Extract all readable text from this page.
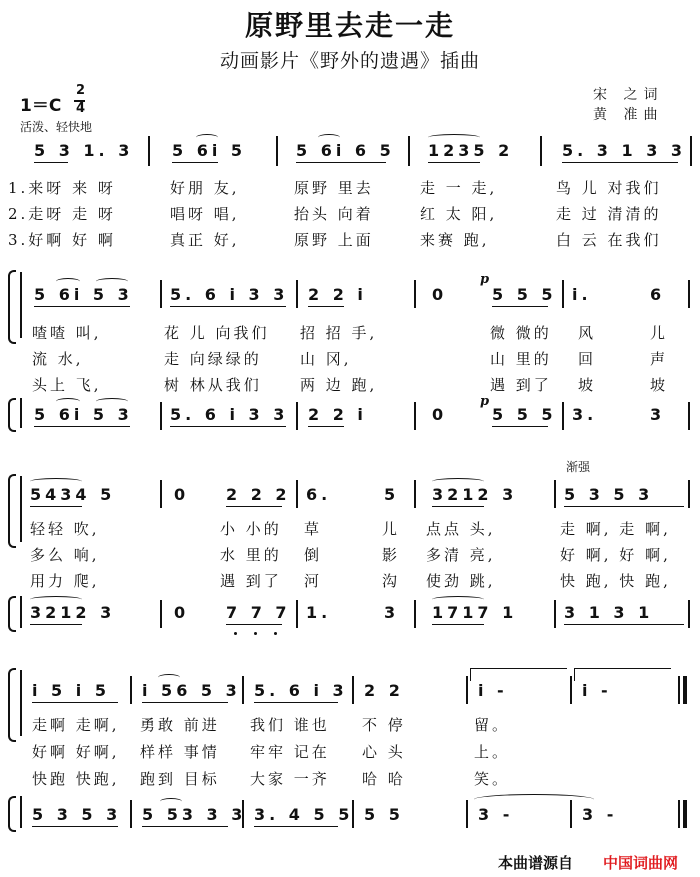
原野里去走一走
动画影片《野外的遗遇》插曲
宋 之词
黄 准曲
1＝C
2
4
活泼、轻快地
5 3 1. 3 5 6i 5	5 6i 6 5 1235 2	5. 3 1 3 3
1.来呀 来 呀	好朋 友,	原野 里去	走 一 走,	鸟 儿 对我们
2.走呀 走 呀	唱呀 唱,	抬头 向着	红 太 阳,	走 过 清清的
3.好啊 好 啊	真正 好,	原野 上面	来赛 跑,	白 云 在我们
p
5 6i 5 3 5. 6 i 3 3 2 2 i	0	5 5 5 i.	6
喳喳 叫,	花 儿 向我们 招 招 手,	微 微的 风	儿
流 水,	走 向绿绿的	山 冈,	山 里的 回	声
头上 飞,	树 林从我们	两 边 跑,	遇 到了 坡	坡
p
5 6i 5 3 5. 6 i 3 3 2 2 i	0	5 5 5 3.	3
渐强
5434 5	0 2 2 2 6.	5 3212 3	5 3 5 3
轻轻 吹,	小 小的 草	儿 点点 头,	走 啊, 走 啊,
多么 响,	水 里的 倒	影 多清 亮,	好 啊, 好 啊,
用力 爬,	遇 到了 河	沟 使劲 跳,	快 跑, 快 跑,
3212 3	0 7 7 7 1.	3 1717 1	3 1 3 1
i 5 i 5 i 56 5 3 5. 6 i 3 2 2	i -	i -
走啊 走啊, 勇敢 前进 我们 谁也 不 停	留。
好啊 好啊, 样样 事情 牢牢 记在 心 头	上。
快跑 快跑, 跑到 目标 大家 一齐 哈 哈	笑。
5 3 5 3 5 53 3 3 3. 4 5 5 5 5	3 -	3 -
本曲谱源自 中国词曲网
